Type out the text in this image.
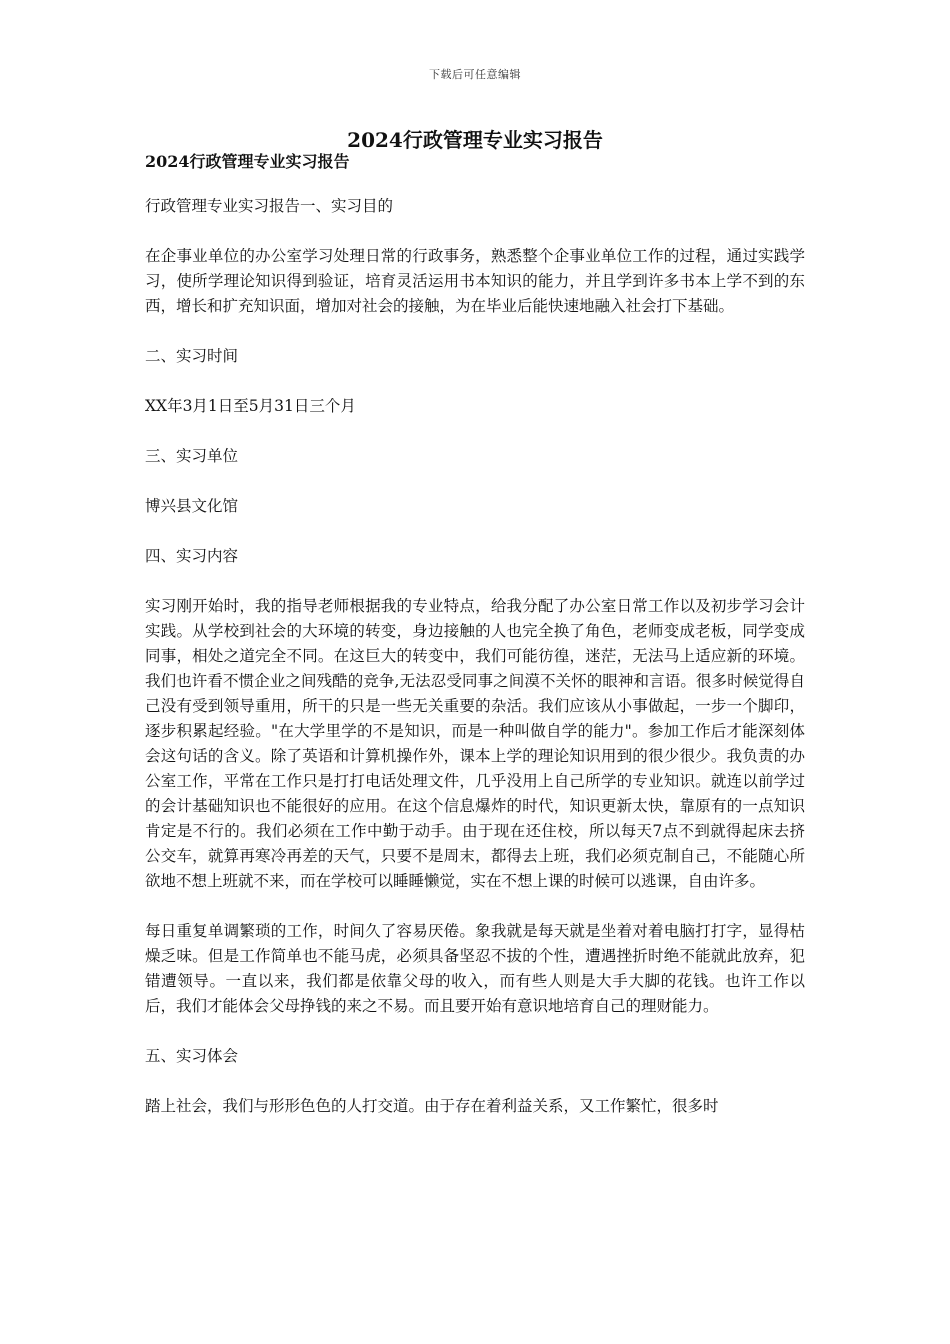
下载后可任意编辑
2024行政管理专业实习报告
2024行政管理专业实习报告

行政管理专业实习报告一、实习目的

在企事业单位的办公室学习处理日常的行政事务，熟悉整个企事业单位工作的过程，通过实践学习，使所学理论知识得到验证，培育灵活运用书本知识的能力，并且学到许多书本上学不到的东西，增长和扩充知识面，增加对社会的接触，为在毕业后能快速地融入社会打下基础。

二、实习时间

XX年3月1日至5月31日三个月

三、实习单位

博兴县文化馆

四、实习内容

实习刚开始时，我的指导老师根据我的专业特点，给我分配了办公室日常工作以及初步学习会计实践。从学校到社会的大环境的转变，身边接触的人也完全换了角色，老师变成老板，同学变成同事，相处之道完全不同。在这巨大的转变中，我们可能彷徨，迷茫，无法马上适应新的环境。我们也许看不惯企业之间残酷的竞争,无法忍受同事之间漠不关怀的眼神和言语。很多时候觉得自己没有受到领导重用，所干的只是一些无关重要的杂活。我们应该从小事做起，一步一个脚印，逐步积累起经验。"在大学里学的不是知识，而是一种叫做自学的能力"。参加工作后才能深刻体会这句话的含义。除了英语和计算机操作外，课本上学的理论知识用到的很少很少。我负责的办公室工作，平常在工作只是打打电话处理文件，几乎没用上自己所学的专业知识。就连以前学过的会计基础知识也不能很好的应用。在这个信息爆炸的时代，知识更新太快，靠原有的一点知识肯定是不行的。我们必须在工作中勤于动手。由于现在还住校，所以每天7点不到就得起床去挤公交车，就算再寒冷再差的天气，只要不是周末，都得去上班，我们必须克制自己，不能随心所欲地不想上班就不来，而在学校可以睡睡懒觉，实在不想上课的时候可以逃课，自由许多。

每日重复单调繁琐的工作，时间久了容易厌倦。象我就是每天就是坐着对着电脑打打字，显得枯燥乏味。但是工作简单也不能马虎，必须具备坚忍不拔的个性，遭遇挫折时绝不能就此放弃，犯错遭领导。一直以来，我们都是依靠父母的收入，而有些人则是大手大脚的花钱。也许工作以后，我们才能体会父母挣钱的来之不易。而且要开始有意识地培育自己的理财能力。

五、实习体会

踏上社会，我们与形形色色的人打交道。由于存在着利益关系，又工作繁忙，很多时
